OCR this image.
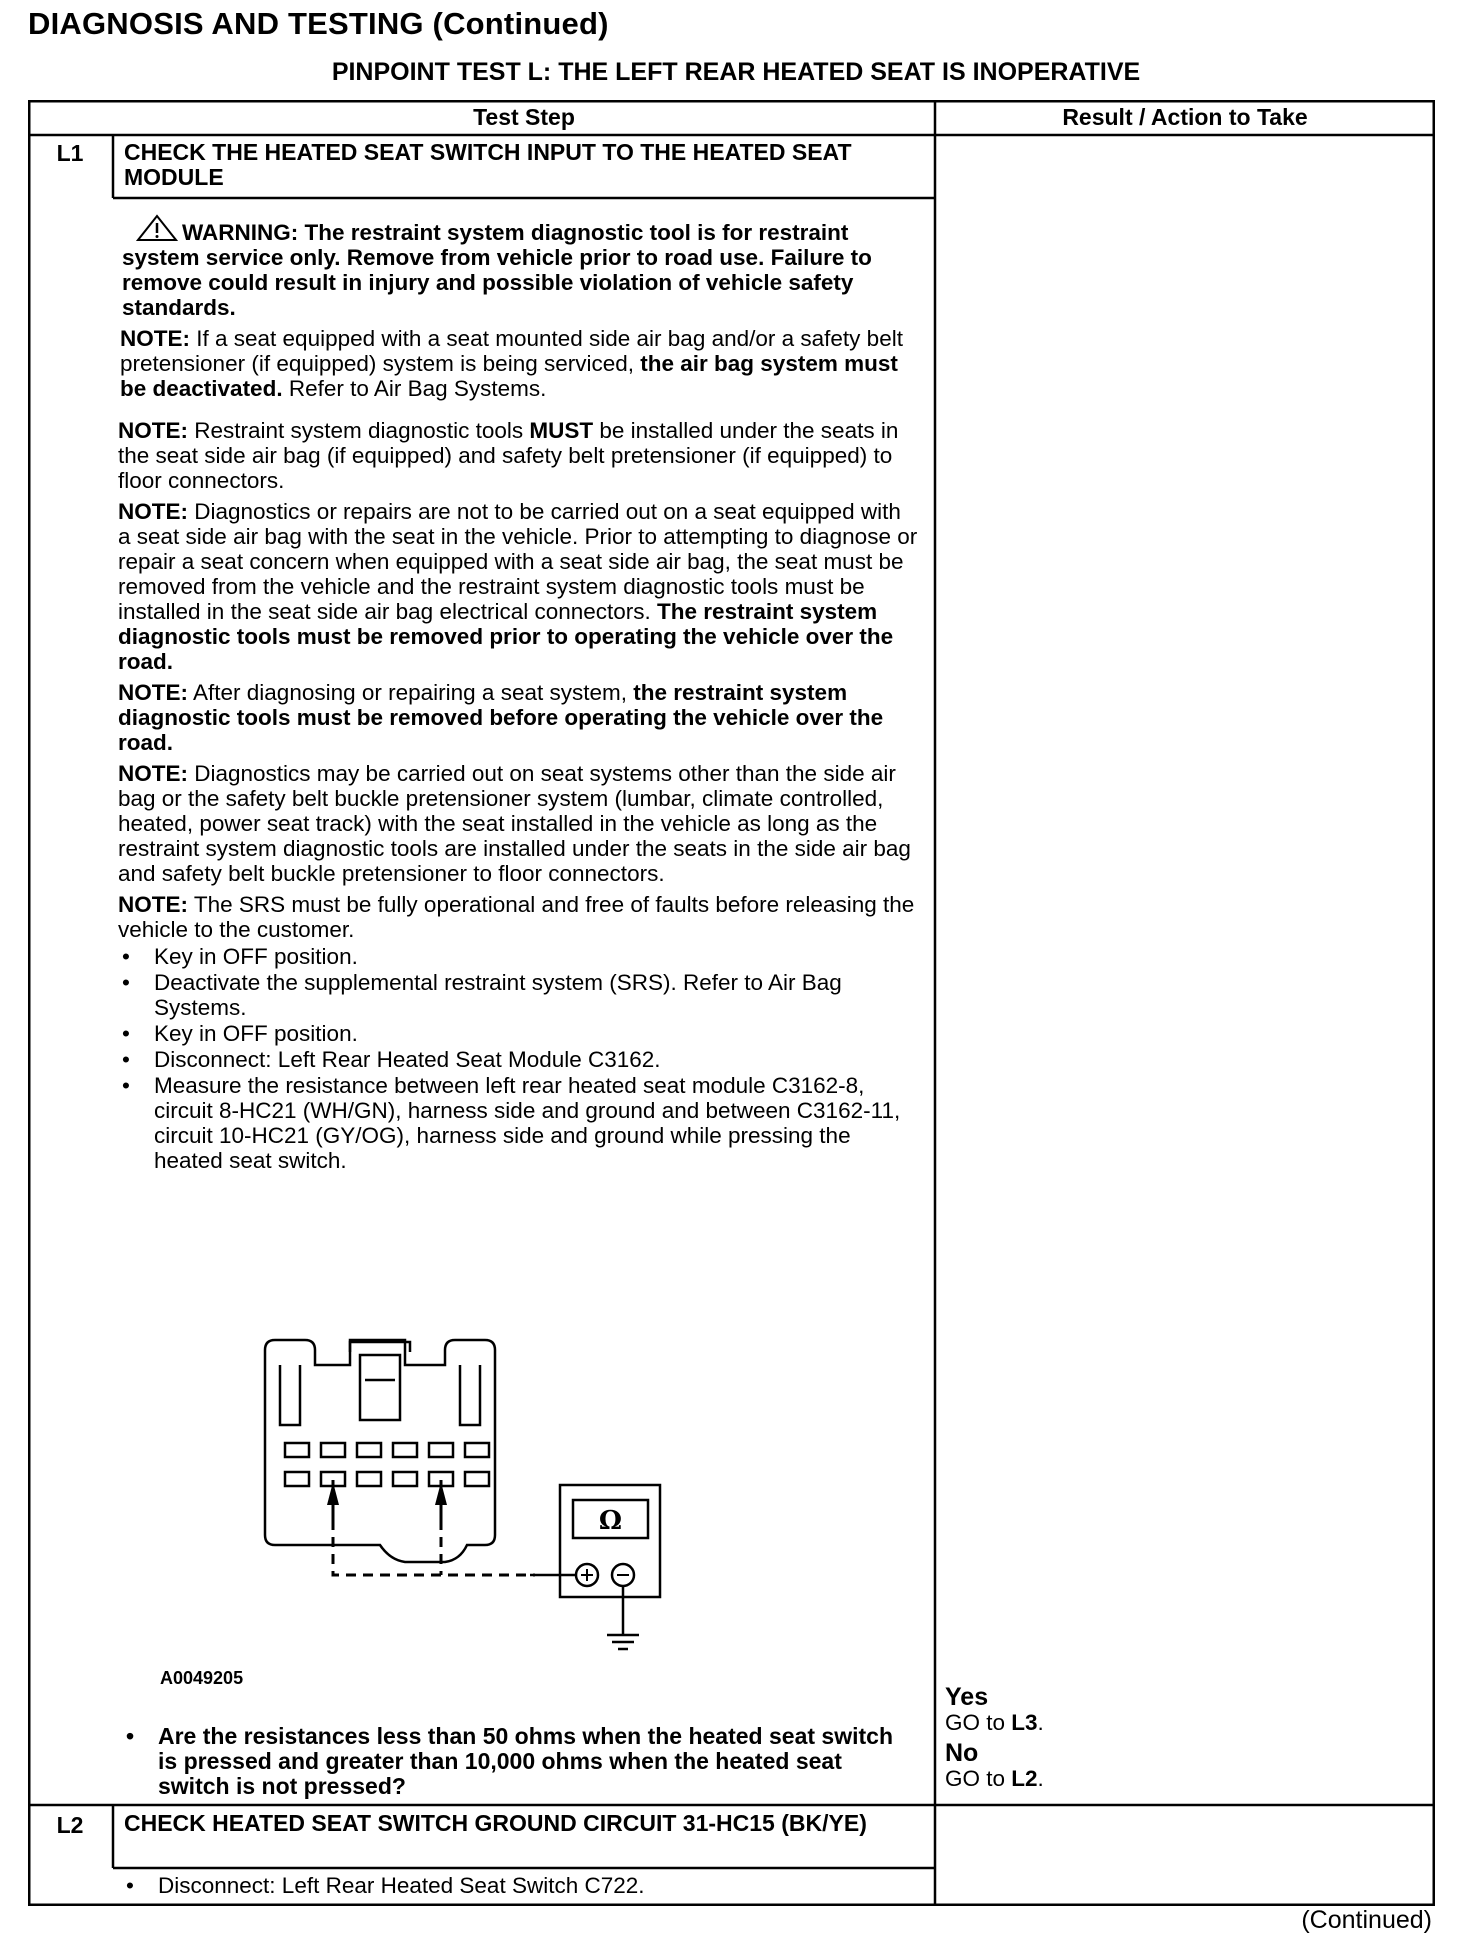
DIAGNOSIS AND TESTING (Continued)
PINPOINT TEST L: THE LEFT REAR HEATED SEAT IS INOPERATIVE
Test Step	Result / Action to Take
L1	CHECK THE HEATED SEAT SWITCH INPUT TO THE HEATED SEAT MODULE
WARNING: The restraint system diagnostic tool is for restraint system service only. Remove from vehicle prior to road use. Failure to remove could result in injury and possible violation of vehicle safety standards.

NOTE: If a seat equipped with a seat mounted side air bag and/or a safety belt pretensioner (if equipped) system is being serviced, the air bag system must be deactivated. Refer to Air Bag Systems.

NOTE: Restraint system diagnostic tools MUST be installed under the seats in the seat side air bag (if equipped) and safety belt pretensioner (if equipped) to floor connectors.

NOTE: Diagnostics or repairs are not to be carried out on a seat equipped with a seat side air bag with the seat in the vehicle. Prior to attempting to diagnose or repair a seat concern when equipped with a seat side air bag, the seat must be removed from the vehicle and the restraint system diagnostic tools must be installed in the seat side air bag electrical connectors. The restraint system diagnostic tools must be removed prior to operating the vehicle over the road.

NOTE: After diagnosing or repairing a seat system, the restraint system diagnostic tools must be removed before operating the vehicle over the road.

NOTE: Diagnostics may be carried out on seat systems other than the side air bag or the safety belt buckle pretensioner system (lumbar, climate controlled, heated, power seat track) with the seat installed in the vehicle as long as the restraint system diagnostic tools are installed under the seats in the side air bag and safety belt buckle pretensioner to floor connectors.

NOTE: The SRS must be fully operational and free of faults before releasing the vehicle to the customer.

• Key in OFF position.
• Deactivate the supplemental restraint system (SRS). Refer to Air Bag Systems.
• Key in OFF position.
• Disconnect: Left Rear Heated Seat Module C3162.
• Measure the resistance between left rear heated seat module C3162-8, circuit 8-HC21 (WH/GN), harness side and ground and between C3162-11, circuit 10-HC21 (GY/OG), harness side and ground while pressing the heated seat switch.
Ω
A0049205
• Are the resistances less than 50 ohms when the heated seat switch is pressed and greater than 10,000 ohms when the heated seat switch is not pressed?
Yes
GO to L3.
No
GO to L2.
L2	CHECK HEATED SEAT SWITCH GROUND CIRCUIT 31-HC15 (BK/YE)
• Disconnect: Left Rear Heated Seat Switch C722.
(Continued)
